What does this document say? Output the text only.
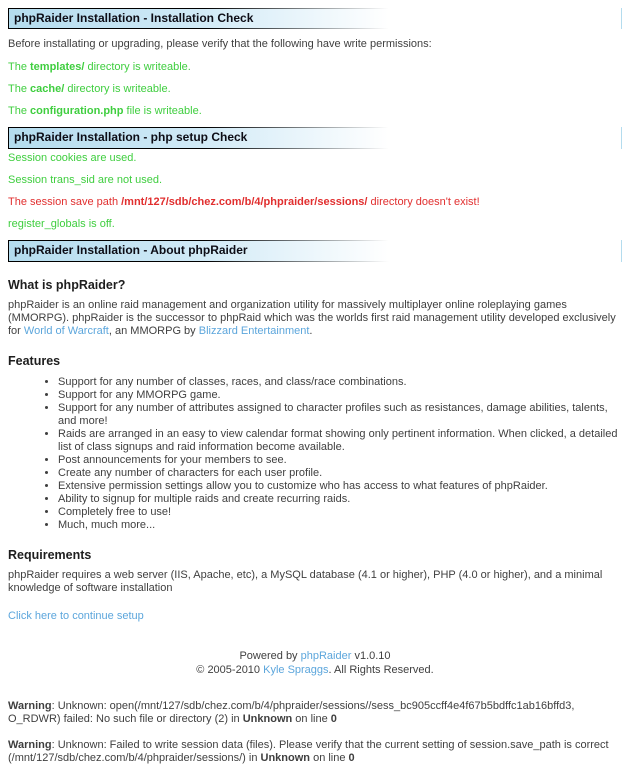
phpRaider Installation - Installation Check

Before installating or upgrading, please verify that the following have write permissions:

The templates/ directory is writeable.

The cache/ directory is writeable.

The configuration.php file is writeable.

phpRaider Installation - php setup Check

Session cookies are used.

Session trans_sid are not used.

The session save path /mnt/127/sdb/chez.com/b/4/phpraider/sessions/ directory doesn't exist!

register_globals is off.

phpRaider Installation - About phpRaider
What is phpRaider?

phpRaider is an online raid management and organization utility for massively multiplayer online roleplaying games (MMORPG). phpRaider is the successor to phpRaid which was the worlds first raid management utility developed exclusively for World of Warcraft, an MMORPG by Blizzard Entertainment.

Features
• Support for any number of classes, races, and class/race combinations.
• Support for any MMORPG game.
• Support for any number of attributes assigned to character profiles such as resistances, damage abilities, talents, and more!
• Raids are arranged in an easy to view calendar format showing only pertinent information. When clicked, a detailed list of class signups and raid information become available.
• Post announcements for your members to see.
• Create any number of characters for each user profile.
• Extensive permission settings allow you to customize who has access to what features of phpRaider.
• Ability to signup for multiple raids and create recurring raids.
• Completely free to use!
• Much, much more...
Requirements

phpRaider requires a web server (IIS, Apache, etc), a MySQL database (4.1 or higher), PHP (4.0 or higher), and a minimal knowledge of software installation

Click here to continue setup

Powered by phpRaider v1.0.10
© 2005-2010 Kyle Spraggs. All Rights Reserved.

Warning: Unknown: open(/mnt/127/sdb/chez.com/b/4/phpraider/sessions//sess_bc905ccff4e4f67b5bdffc1ab16bffd3, O_RDWR) failed: No such file or directory (2) in Unknown on line 0

Warning: Unknown: Failed to write session data (files). Please verify that the current setting of session.save_path is correct (/mnt/127/sdb/chez.com/b/4/phpraider/sessions/) in Unknown on line 0
